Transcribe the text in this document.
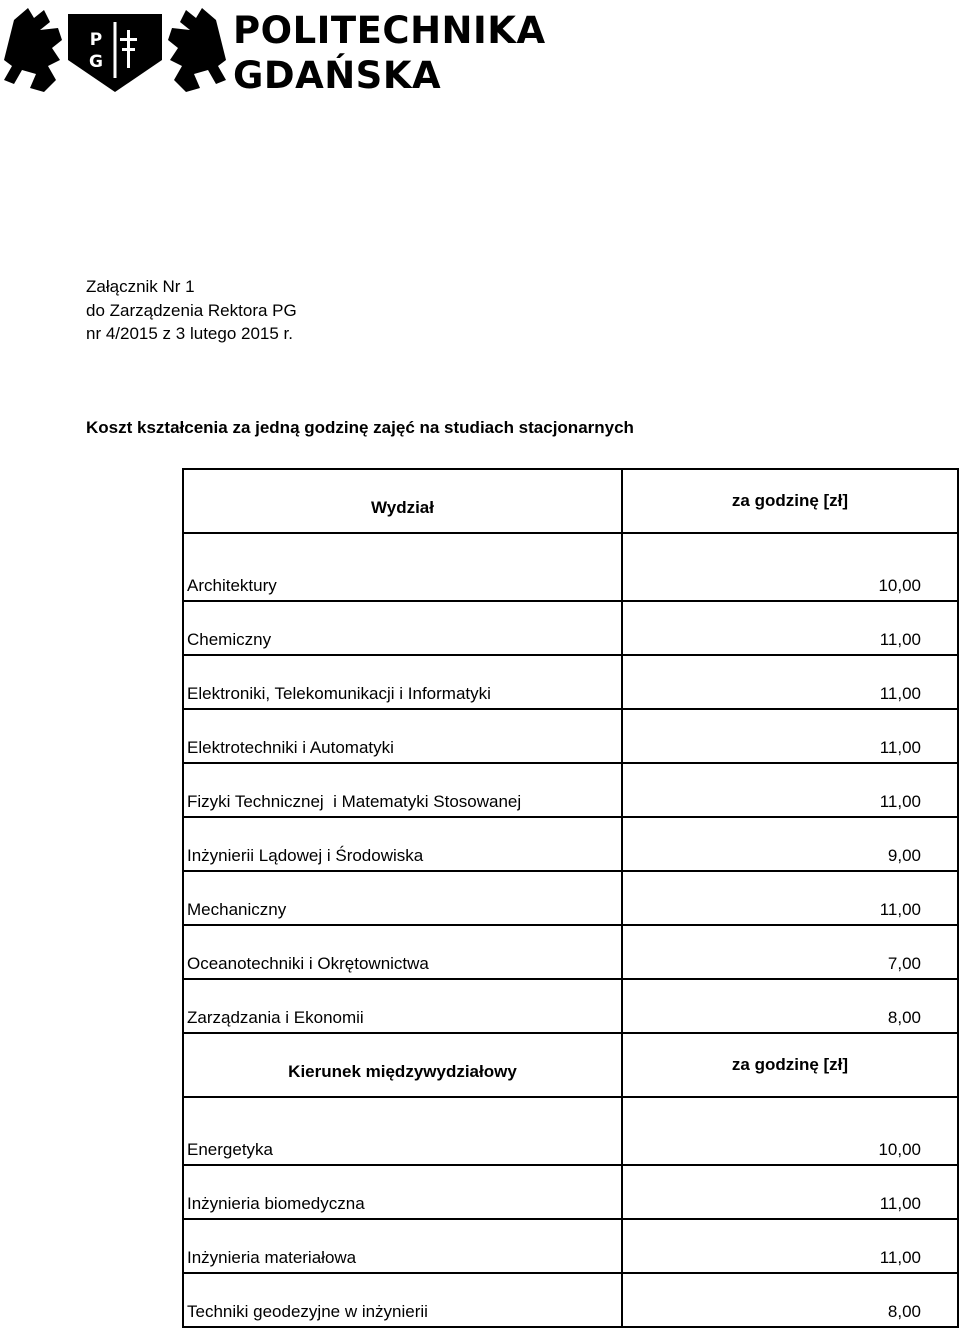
P
G
POLITECHNIKA
GDAŃSKA
Załącznik Nr 1
do Zarządzenia Rektora PG
nr 4/2015 z 3 lutego 2015 r.
Koszt kształcenia za jedną godzinę zajęć na studiach stacjonarnych
Wydział	za godzinę [zł]
Architektury	10,00
Chemiczny	11,00
Elektroniki, Telekomunikacji i Informatyki	11,00
Elektrotechniki i Automatyki	11,00
Fizyki Technicznej  i Matematyki Stosowanej	11,00
Inżynierii Lądowej i Środowiska	9,00
Mechaniczny	11,00
Oceanotechniki i Okrętownictwa	7,00
Zarządzania i Ekonomii	8,00
Kierunek międzywydziałowy	za godzinę [zł]
Energetyka	10,00
Inżynieria biomedyczna	11,00
Inżynieria materiałowa	11,00
Techniki geodezyjne w inżynierii	8,00
